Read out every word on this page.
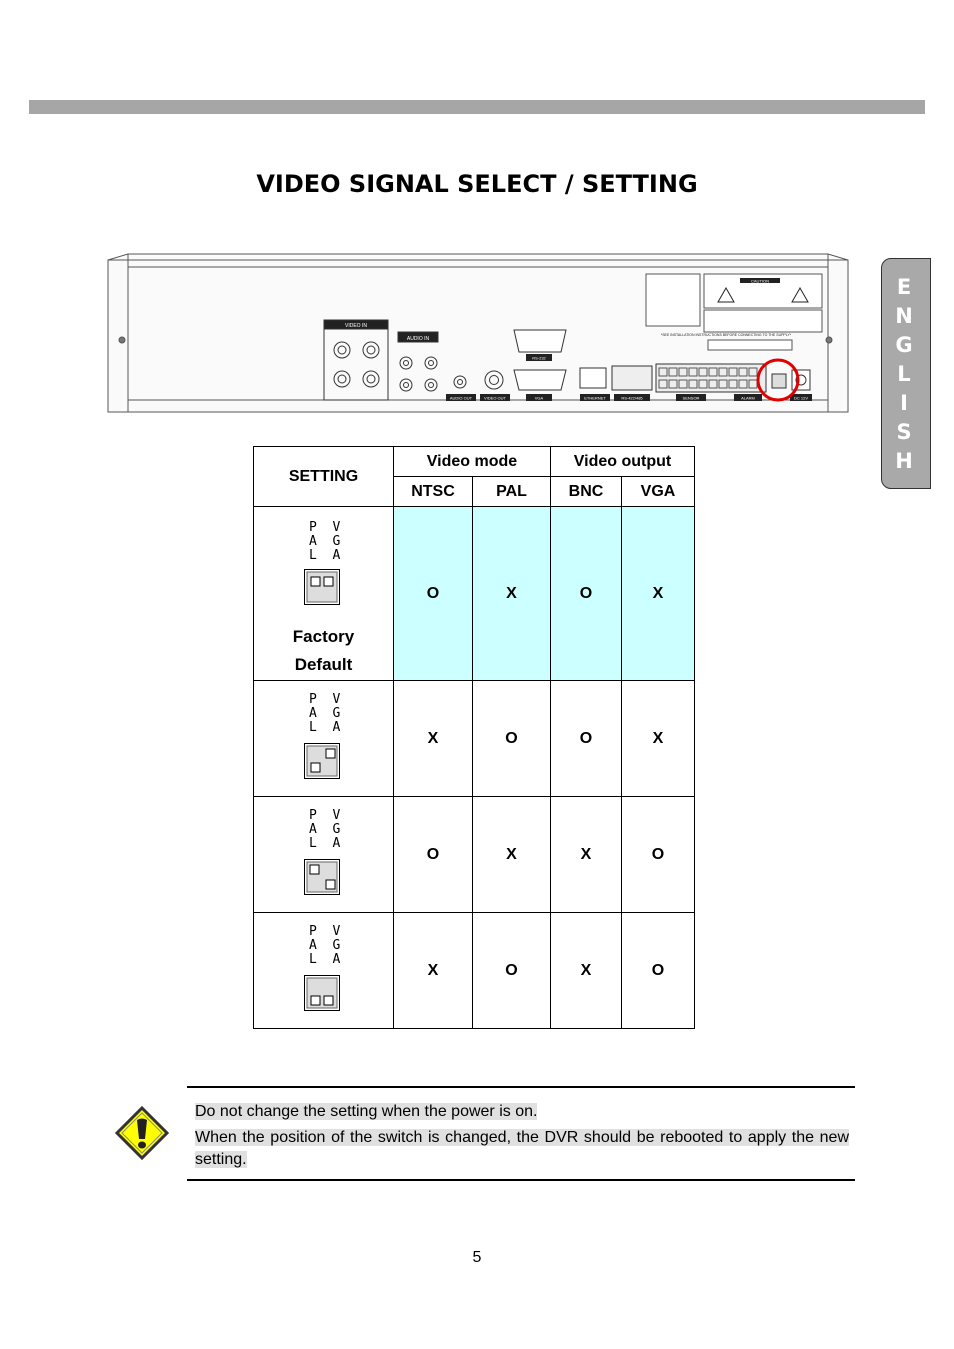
VIDEO SIGNAL SELECT / SETTING
E
N
G
L
I
S
H
VIDEO IN
AUDIO IN
AUDIO OUT	VIDEO OUT
RS-232
VGA	ETHERNET	RS-422/485	SENSOR	ALARM	DC 12V
CAUTION
*SEE INSTALLATION INSTRUCTIONS BEFORE CONNECTING TO THE SUPPLY*
SETTING	Video mode		Video output	
	NTSC	PAL	BNC	VGA

P  V
A  G
L  A
Factory
Default	O	X	O	X

P  V
A  G
L  A	X	O	O	X

P  V
A  G
L  A	O	X	X	O

P  V
A  G
L  A	X	O	X	O

Do not change the setting when the power is on.

When the position of the switch is changed, the DVR should be rebooted to apply the new setting.

5
